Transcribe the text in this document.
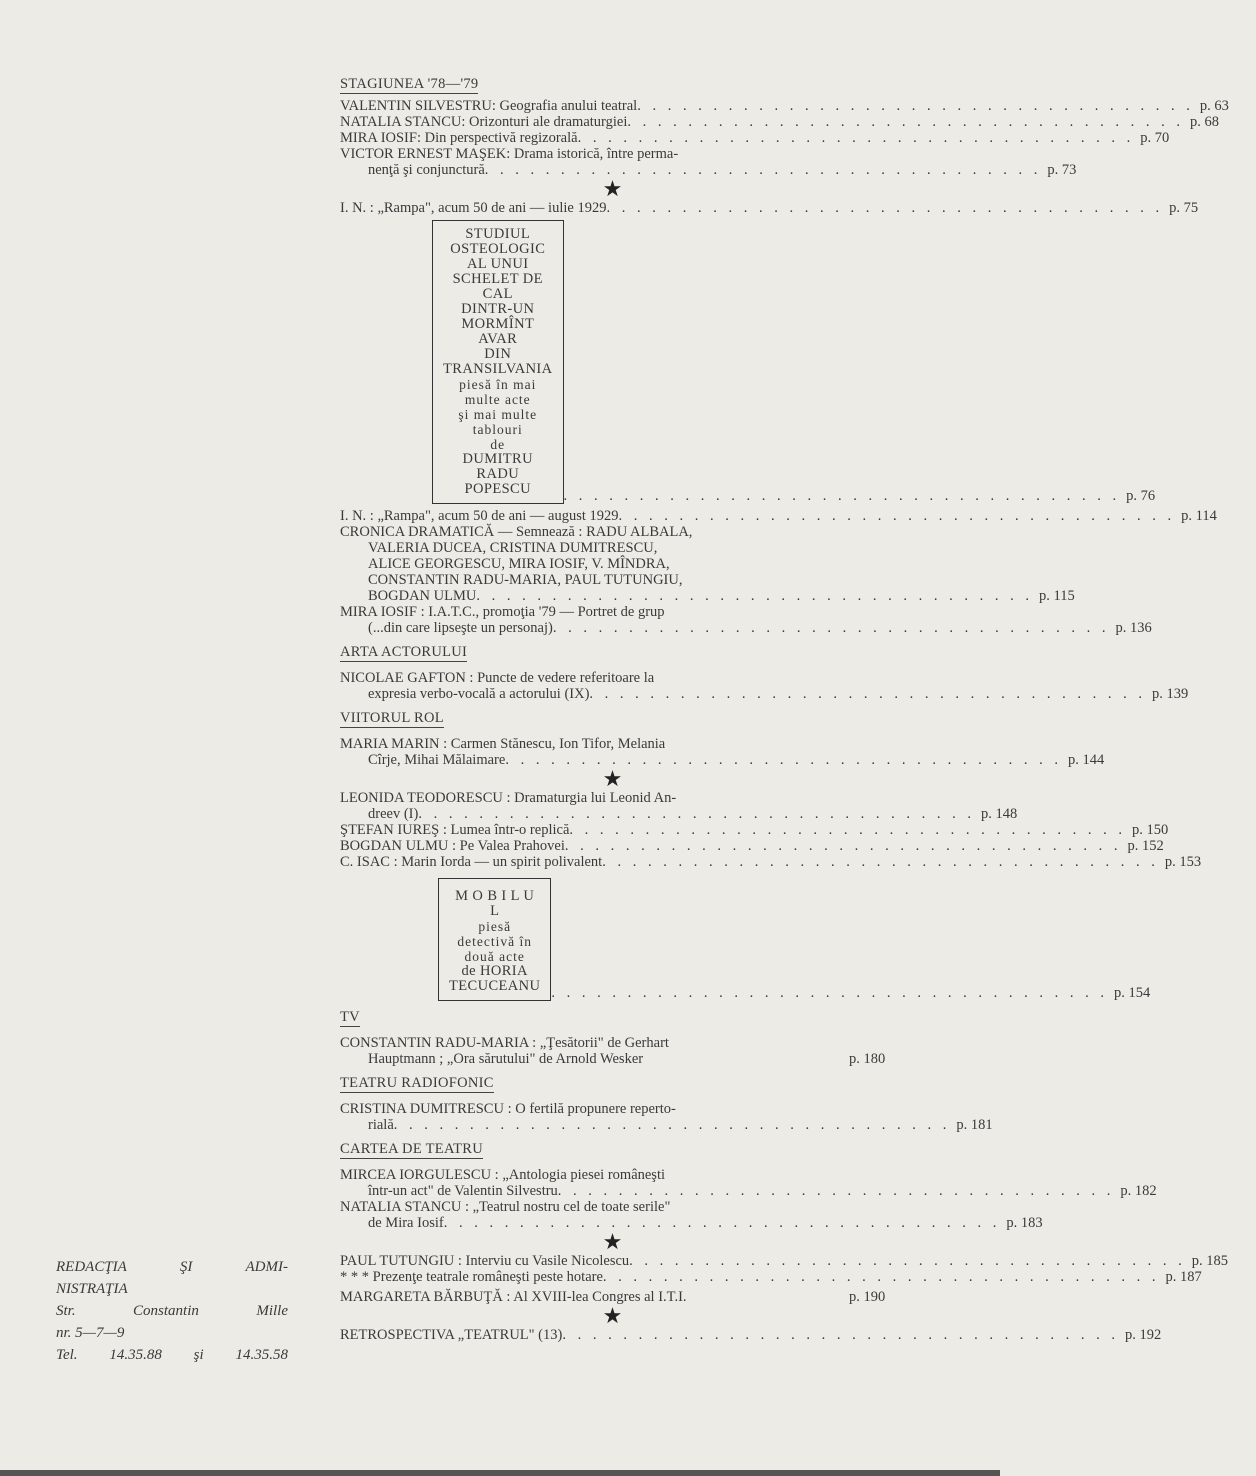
STAGIUNEA '78—'79
VALENTIN SILVESTRU : Geografia anului teatral . . . . . . . . . . . . . . . . . . . . . . . . . . . . . . . . . . . . . p. 63
NATALIA STANCU : Orizonturi ale dramaturgiei . . . . . . . . . . . . . . . . . . . . . . . . . . . . . . . . . . . . . p. 68
MIRA IOSIF : Din perspectivă regizorală . . . . . . . . . . . . . . . . . . . . . . . . . . . . . . . . . . . . . p. 70
VICTOR ERNEST MAŞEK : Drama istorică, între perma-
nenţă şi conjunctură . . . . . . . . . . . . . . . . . . . . . . . . . . . . . . . . . . . . . p. 73
★
I. N. : „Rampa", acum 50 de ani — iulie 1929 . . . . . . . . . . . . . . . . . . . . . . . . . . . . . . . . . . . . . p. 75
STUDIUL OSTEOLOGIC
AL UNUI SCHELET DE CAL
DINTR-UN MORMÎNT AVAR
DIN TRANSILVANIA
piesă în mai multe acte
şi mai multe tablouri
de
DUMITRU RADU POPESCU	. . . . . . . . . . . . . . . . . . . . . . . . . . . . . . . . . . . . . p. 76
I. N. : „Rampa", acum 50 de ani — august 1929 . . . . . . . . . . . . . . . . . . . . . . . . . . . . . . . . . . . . . p. 114
CRONICA DRAMATICĂ — Semnează : RADU ALBALA,
VALERIA DUCEA, CRISTINA DUMITRESCU,
ALICE GEORGESCU, MIRA IOSIF, V. MÎNDRA,
CONSTANTIN RADU-MARIA, PAUL TUTUNGIU,
BOGDAN ULMU . . . . . . . . . . . . . . . . . . . . . . . . . . . . . . . . . . . . . p. 115
MIRA IOSIF : I.A.T.C., promoţia '79 — Portret de grup
(...din care lipseşte un personaj) . . . . . . . . . . . . . . . . . . . . . . . . . . . . . . . . . . . . . p. 136
ARTA ACTORULUI
NICOLAE GAFTON : Puncte de vedere referitoare la
expresia verbo-vocală a actorului (IX) . . . . . . . . . . . . . . . . . . . . . . . . . . . . . . . . . . . . . p. 139
VIITORUL ROL
MARIA MARIN : Carmen Stănescu, Ion Tifor, Melania
Cîrje, Mihai Mălaimare . . . . . . . . . . . . . . . . . . . . . . . . . . . . . . . . . . . . . p. 144
★
LEONIDA TEODORESCU : Dramaturgia lui Leonid An-
dreev (I) . . . . . . . . . . . . . . . . . . . . . . . . . . . . . . . . . . . . . p. 148
ŞTEFAN IUREŞ : Lumea într-o replică . . . . . . . . . . . . . . . . . . . . . . . . . . . . . . . . . . . . . p. 150
BOGDAN ULMU : Pe Valea Prahovei . . . . . . . . . . . . . . . . . . . . . . . . . . . . . . . . . . . . . p. 152
C. ISAC : Marin Iorda — un spirit polivalent . . . . . . . . . . . . . . . . . . . . . . . . . . . . . . . . . . . . . p. 153
M O B I L U L
piesă detectivă în două acte
de HORIA TECUCEANU . . . . . . . . . . . . . . . . . . . . . . . . . . . . . . . . . . . . . p. 154
TV
CONSTANTIN RADU-MARIA : „Ţesătorii" de Gerhart
Hauptmann ; „Ora sărutului" de Arnold Wesker	p. 180
TEATRU RADIOFONIC
CRISTINA DUMITRESCU : O fertilă propunere reperto-
rială . . . . . . . . . . . . . . . . . . . . . . . . . . . . . . . . . . . . . p. 181
CARTEA DE TEATRU
MIRCEA IORGULESCU : „Antologia piesei româneşti
într-un act" de Valentin Silvestru . . . . . . . . . . . . . . . . . . . . . . . . . . . . . . . . . . . . . p. 182
NATALIA STANCU : „Teatrul nostru cel de toate serile"
de Mira Iosif . . . . . . . . . . . . . . . . . . . . . . . . . . . . . . . . . . . . . p. 183
★
PAUL TUTUNGIU : Interviu cu Vasile Nicolescu . . . . . . . . . . . . . . . . . . . . . . . . . . . . . . . . . . . . . p. 185
* * * Prezenţe teatrale româneşti peste hotare . . . . . . . . . . . . . . . . . . . . . . . . . . . . . . . . . . . . . p. 187
MARGARETA BĂRBUŢĂ : Al XVIII-lea Congres al I.T.I.	p. 190
★
RETROSPECTIVA „TEATRUL" (13) . . . . . . . . . . . . . . . . . . . . . . . . . . . . . . . . . . . . . p. 192
REDACŢIA	ŞI	ADMI-
NISTRAŢIA
Str.	Constantin	Mille
nr. 5—7—9
Tel. 14.35.88 şi 14.35.58
